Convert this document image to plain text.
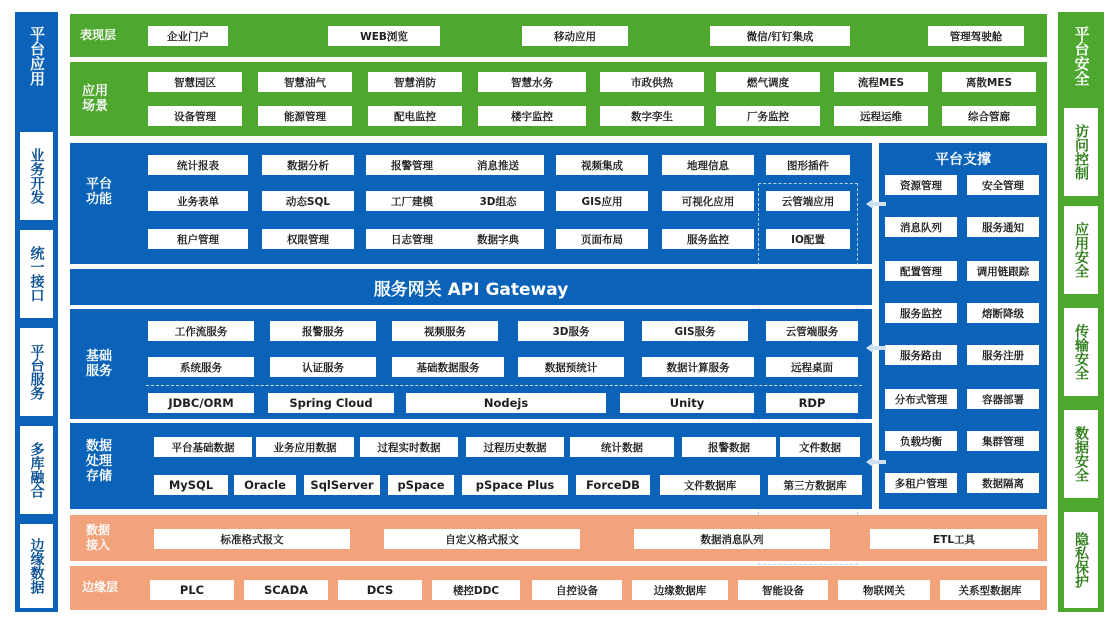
平台应用
业务开发
统一接口
平台服务
多库融合
边缘数据
平台安全
访问控制
应用安全
传输安全
数据安全
隐私保护
表现层	企业门户	WEB浏览	移动应用	微信/钉钉集成	管理驾驶舱
应用场景
智慧园区	智慧油气	智慧消防	智慧水务	市政供热	燃气调度	流程MES	离散MES
设备管理	能源管理	配电监控	楼宇监控	数字孪生	厂务监控	远程运维	综合管廊
平台功能
统计报表	数据分析	报警管理	消息推送	视频集成	地理信息	图形插件
业务表单	动态SQL	工厂建模	3D组态	GIS应用	可视化应用	云管端应用
租户管理	权限管理	日志管理	数据字典	页面布局	服务监控	IO配置
服务网关 API Gateway
基础服务
工作流服务	报警服务	视频服务	3D服务	GIS服务	云管端服务
系统服务	认证服务	基础数据服务	数据预统计	数据计算服务	远程桌面
JDBC/ORM	Spring Cloud	Nodejs	Unity	RDP
数据处理存储
平台基础数据	业务应用数据	过程实时数据	过程历史数据	统计数据	报警数据	文件数据
MySQL	Oracle	SqlServer	pSpace	pSpace Plus	ForceDB	文件数据库	第三方数据库
平台支撑
资源管理	安全管理
消息队列	服务通知
配置管理	调用链跟踪
服务监控	熔断降级
服务路由	服务注册
分布式管理	容器部署
负载均衡	集群管理
多租户管理	数据隔离
数据接入	标准格式报文	自定义格式报文	数据消息队列	ETL工具
边缘层	PLC	SCADA	DCS	楼控DDC	自控设备	边缘数据库	智能设备	物联网关	关系型数据库
